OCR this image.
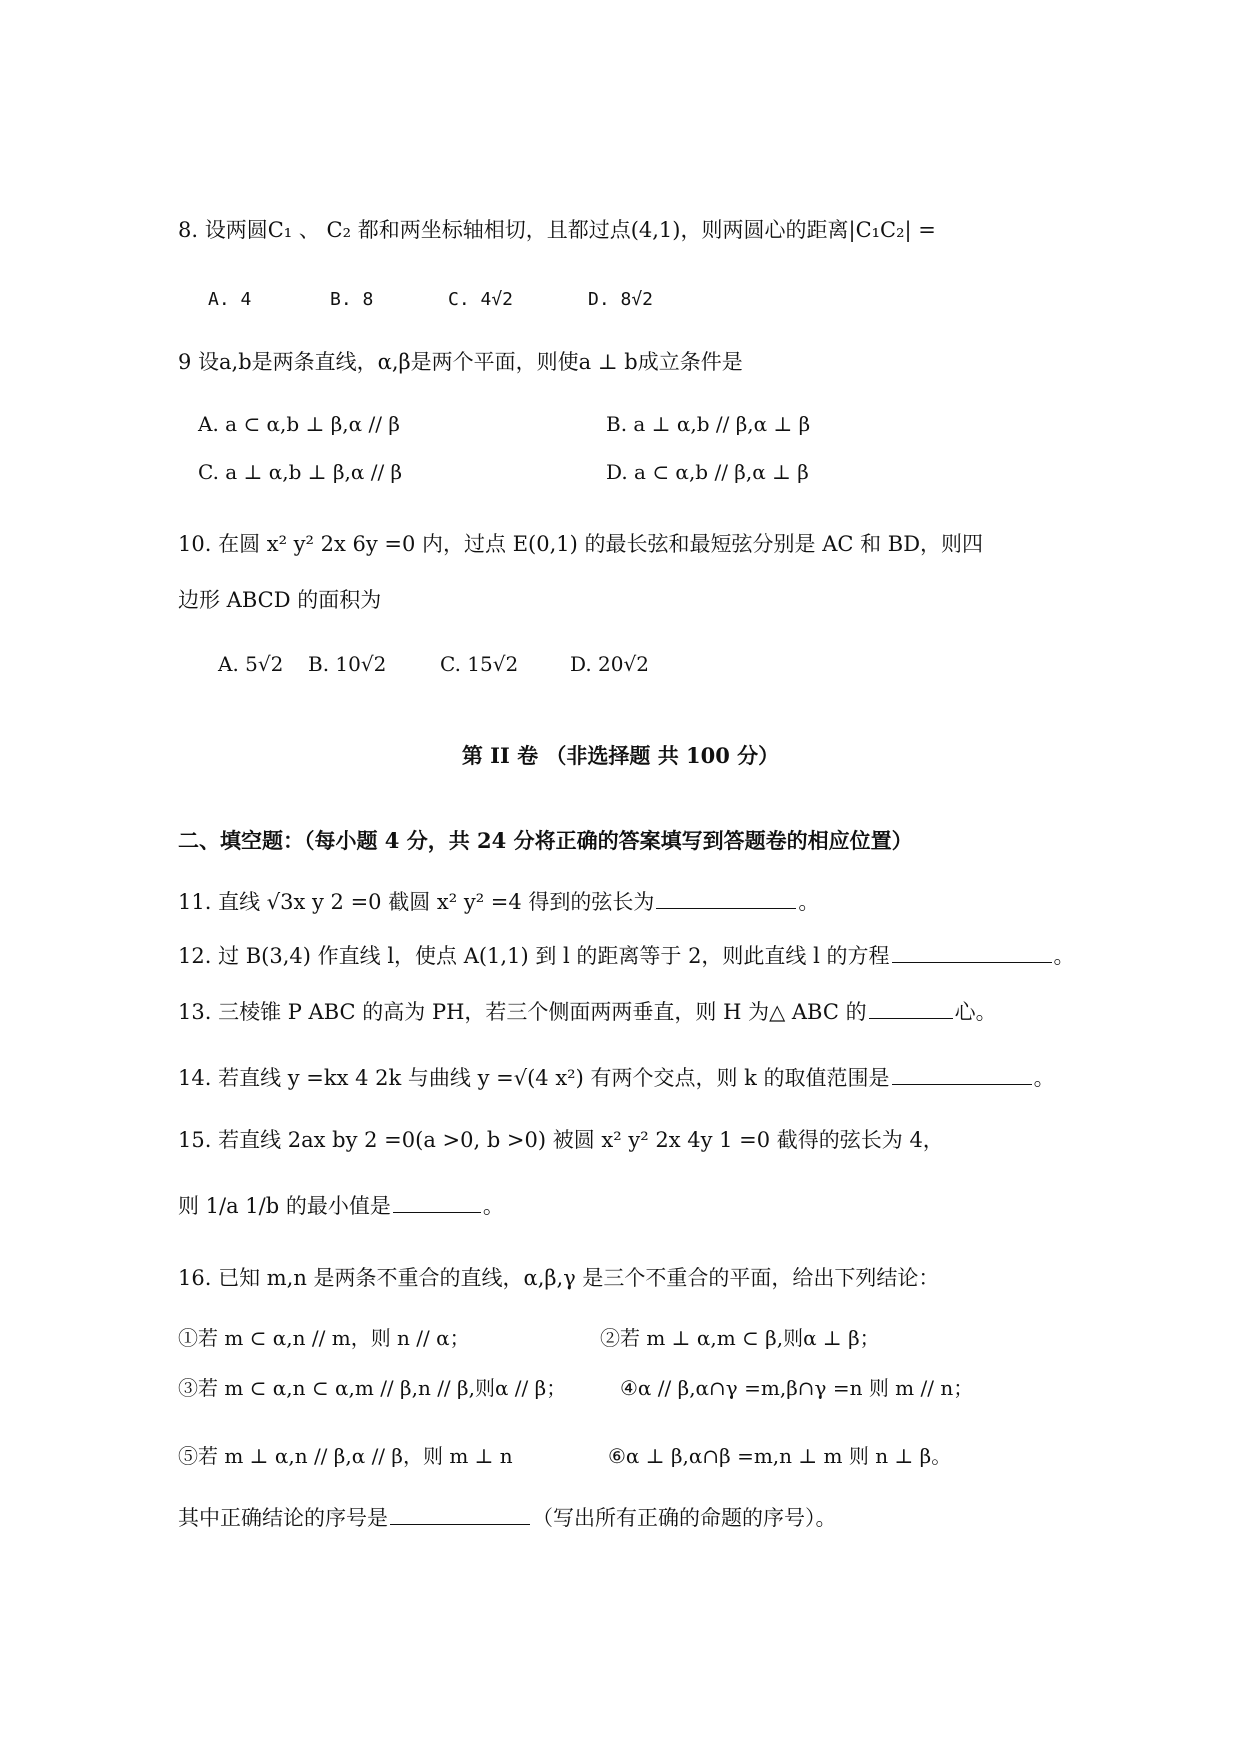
8. 设两圆C₁ 、 C₂ 都和两坐标轴相切，且都过点(4,1)，则两圆心的距离|C₁C₂| =
A. 4	B. 8	C. 4√2	D. 8√2
9 设a,b是两条直线，α,β是两个平面，则使a ⊥ b成立条件是
A. a ⊂ α,b ⊥ β,α // β	B. a ⊥ α,b // β,α ⊥ β
C. a ⊥ α,b ⊥ β,α // β	D. a ⊂ α,b // β,α ⊥ β
10. 在圆 x² y² 2x 6y =0 内，过点 E(0,1) 的最长弦和最短弦分别是 AC 和 BD，则四
边形 ABCD 的面积为
A. 5√2 B. 10√2	C. 15√2	D. 20√2
第 II 卷 （非选择题 共 100 分）
二、填空题：（每小题 4 分，共 24 分将正确的答案填写到答题卷的相应位置）
11. 直线 √3x y 2 =0 截圆 x² y² =4 得到的弦长为	。
12. 过 B(3,4) 作直线 l，使点 A(1,1) 到 l 的距离等于 2，则此直线 l 的方程	。
13. 三棱锥 P ABC 的高为 PH，若三个侧面两两垂直，则 H 为△ ABC 的	心。
14. 若直线 y =kx 4 2k 与曲线 y =√(4 x²) 有两个交点，则 k 的取值范围是	。
15. 若直线 2ax by 2 =0(a >0, b >0) 被圆 x² y² 2x 4y 1 =0 截得的弦长为 4，
则 1/a 1/b 的最小值是	。
16. 已知 m,n 是两条不重合的直线，α,β,γ 是三个不重合的平面，给出下列结论：
①若 m ⊂ α,n // m，则 n // α；	②若 m ⊥ α,m ⊂ β,则α ⊥ β；
③若 m ⊂ α,n ⊂ α,m // β,n // β,则α // β；	④α // β,α∩γ =m,β∩γ =n 则 m // n；
⑤若 m ⊥ α,n // β,α // β，则 m ⊥ n	⑥α ⊥ β,α∩β =m,n ⊥ m 则 n ⊥ β。
其中正确结论的序号是	（写出所有正确的命题的序号）。
